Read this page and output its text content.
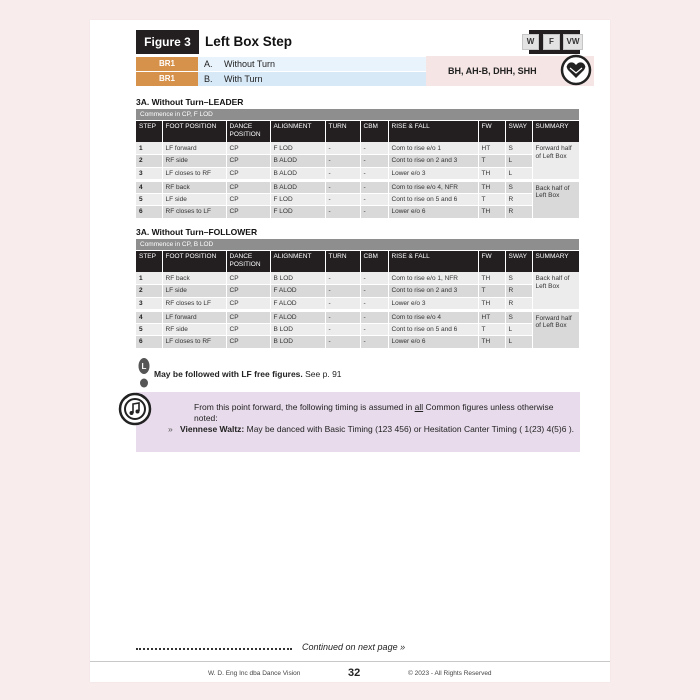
Figure 3	Left Box Step	W	F	VW
BR1	A. Without Turn
BR1	B. With Turn
BH, AH-B, DHH, SHH
3A. Without Turn–LEADER
Commence in CP, F LOD
STEP	FOOT POSITION	DANCE POSITION	ALIGNMENT	TURN	CBM	RISE & FALL	FW	SWAY	SUMMARY
1	LF forward	CP	F LOD	-	-	Com to rise e/o 1	HT	S	Forward half of Left Box
2	RF side	CP	B ALOD	-	-	Cont to rise on 2 and 3	T	L	
3	LF closes to RF	CP	B ALOD	-	-	Lower e/o 3	TH	L	
4	RF back	CP	B ALOD	-	-	Com to rise e/o 4, NFR	TH	S	Back half of Left Box
5	LF side	CP	F LOD	-	-	Cont to rise on 5 and 6	T	R	
6	RF closes to LF	CP	F LOD	-	-	Lower e/o 6	TH	R	
3A. Without Turn–FOLLOWER
Commence in CP, B LOD
STEP	FOOT POSITION	DANCE POSITION	ALIGNMENT	TURN	CBM	RISE & FALL	FW	SWAY	SUMMARY
1	RF back	CP	B LOD	-	-	Com to rise e/o 1, NFR	TH	S	Back half of Left Box
2	LF side	CP	F ALOD	-	-	Cont to rise on 2 and 3	T	R	
3	RF closes to LF	CP	F ALOD	-	-	Lower e/o 3	TH	R	
4	LF forward	CP	F ALOD	-	-	Com to rise e/o 4	HT	S	Forward half of Left Box
5	RF side	CP	B LOD	-	-	Cont to rise on 5 and 6	T	L	
6	LF closes to RF	CP	B LOD	-	-	Lower e/o 6	TH	L	
L
May be followed with LF free figures. See p. 91
From this point forward, the following timing is assumed in all Common figures unless otherwise noted:
» Viennese Waltz: May be danced with Basic Timing (123 456) or Hesitation Canter Timing ( 1(23) 4(5)6 ).
Continued on next page »
W. D. Eng Inc dba Dance Vision	32	© 2023 - All Rights Reserved
